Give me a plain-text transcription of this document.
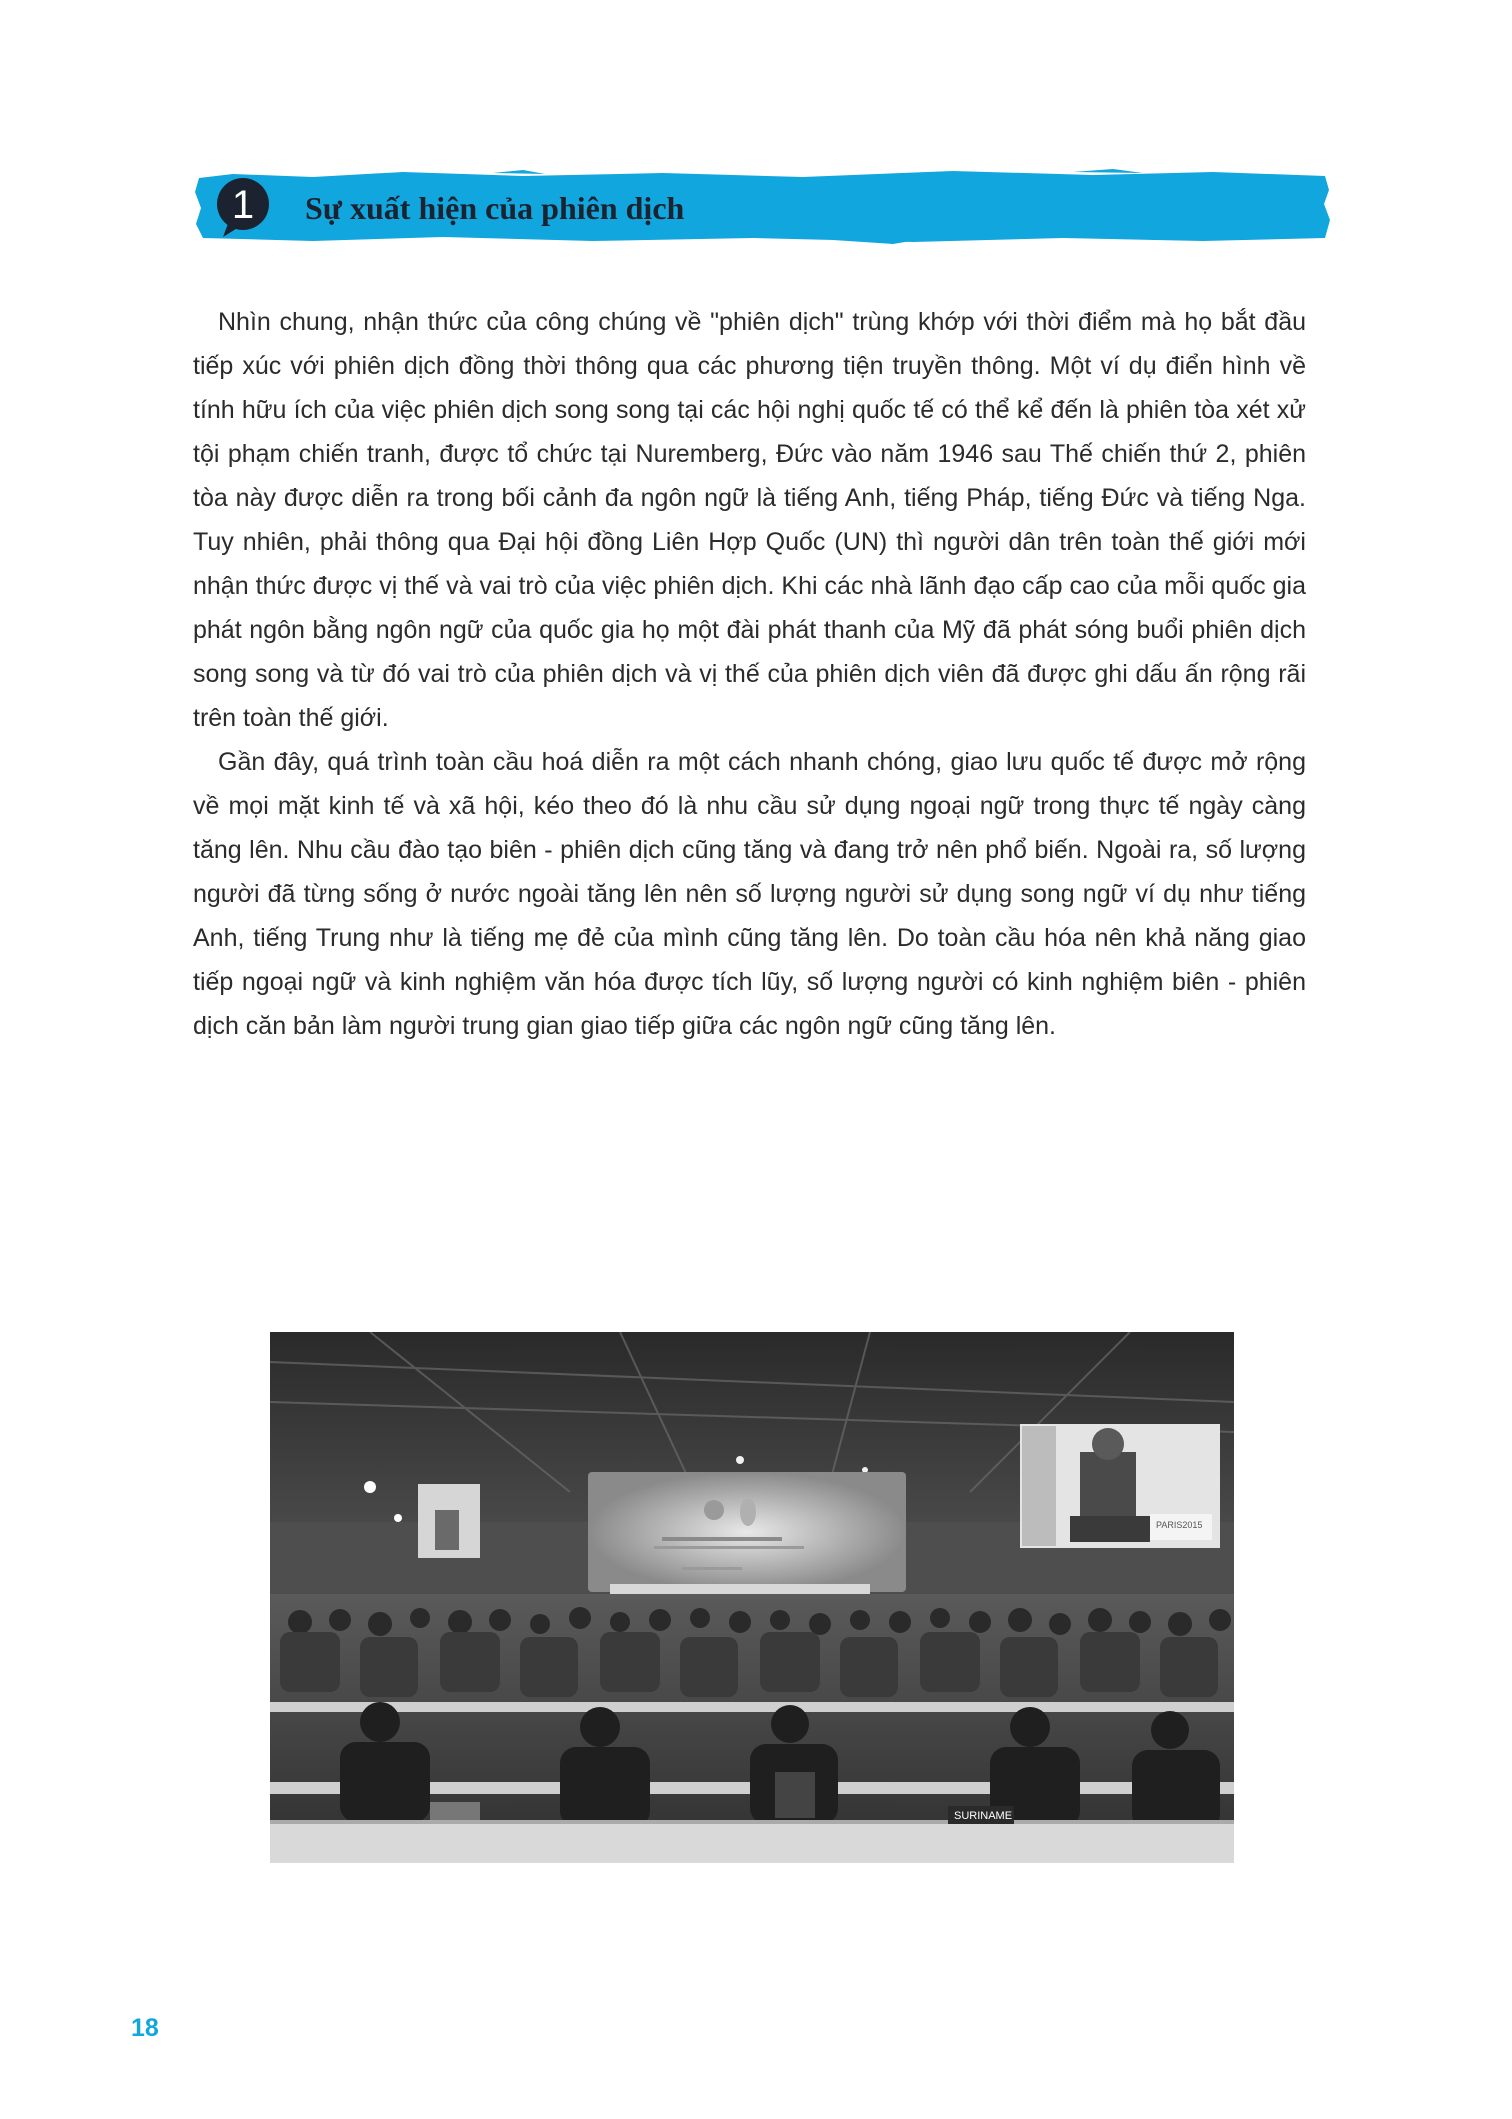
1	Sự xuất hiện của phiên dịch

Nhìn chung, nhận thức của công chúng về "phiên dịch" trùng khớp với thời điểm mà họ bắt đầu tiếp xúc với phiên dịch đồng thời thông qua các phương tiện truyền thông. Một ví dụ điển hình về tính hữu ích của việc phiên dịch song song tại các hội nghị quốc tế có thể kể đến là phiên tòa xét xử tội phạm chiến tranh, được tổ chức tại Nuremberg, Đức vào năm 1946 sau Thế chiến thứ 2, phiên tòa này được diễn ra trong bối cảnh đa ngôn ngữ là tiếng Anh, tiếng Pháp, tiếng Đức và tiếng Nga. Tuy nhiên, phải thông qua Đại hội đồng Liên Hợp Quốc (UN) thì người dân trên toàn thế giới mới nhận thức được vị thế và vai trò của việc phiên dịch. Khi các nhà lãnh đạo cấp cao của mỗi quốc gia phát ngôn bằng ngôn ngữ của quốc gia họ một đài phát thanh của Mỹ đã phát sóng buổi phiên dịch song song và từ đó vai trò của phiên dịch và vị thế của phiên dịch viên đã được ghi dấu ấn rộng rãi trên toàn thế giới.

Gần đây, quá trình toàn cầu hoá diễn ra một cách nhanh chóng, giao lưu quốc tế được mở rộng về mọi mặt kinh tế và xã hội, kéo theo đó là nhu cầu sử dụng ngoại ngữ trong thực tế ngày càng tăng lên. Nhu cầu đào tạo biên - phiên dịch cũng tăng và đang trở nên phổ biến. Ngoài ra, số lượng người đã từng sống ở nước ngoài tăng lên nên số lượng người sử dụng song ngữ ví dụ như tiếng Anh, tiếng Trung như là tiếng mẹ đẻ của mình cũng tăng lên. Do toàn cầu hóa nên khả năng giao tiếp ngoại ngữ và kinh nghiệm văn hóa được tích lũy, số lượng người có kinh nghiệm biên - phiên dịch căn bản làm người trung gian giao tiếp giữa các ngôn ngữ cũng tăng lên.

PARIS2015
SURINAME
18
